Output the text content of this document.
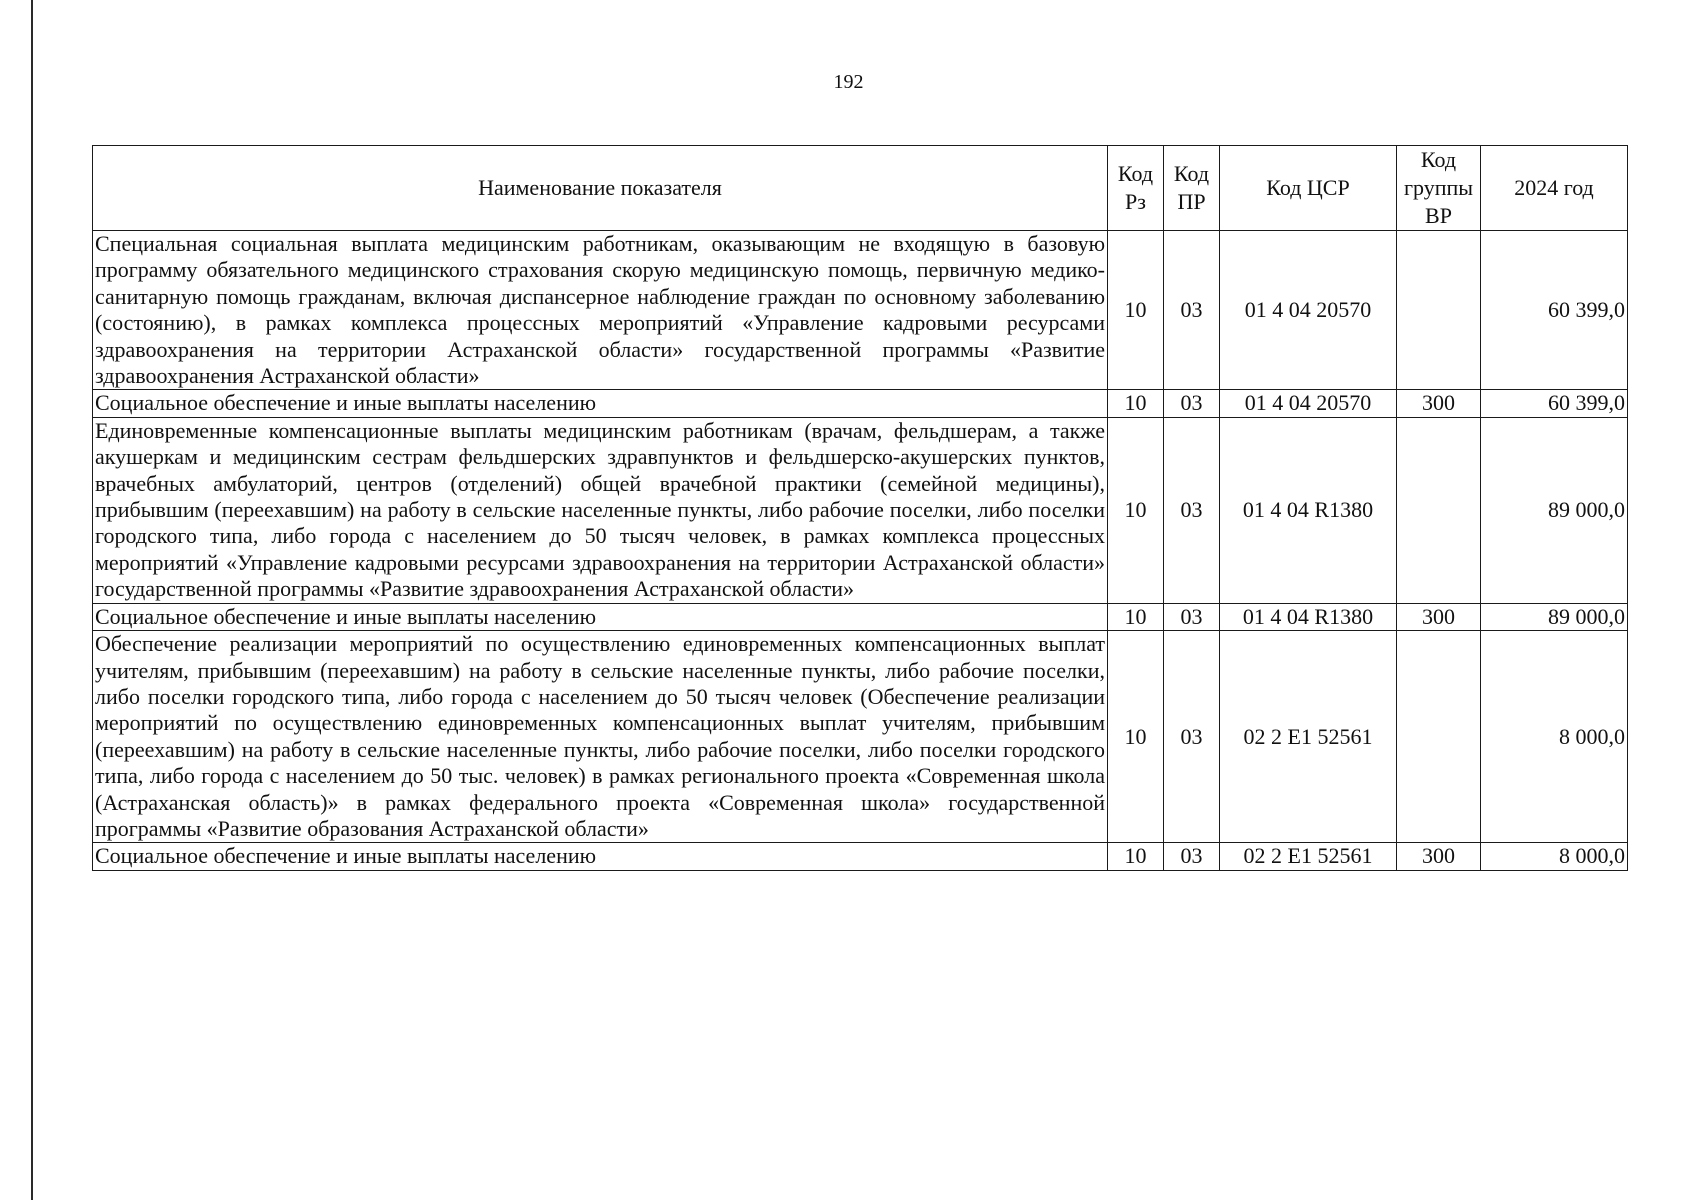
192
Наименование показателя	Код Рз	Код ПР	Код ЦСР	Код группы ВР	2024 год
Специальная социальная выплата медицинским работникам, оказывающим не входящую в базовую программу обязательного медицинского страхования скорую медицинскую помощь, первичную медико-санитарную помощь гражданам, включая диспансерное наблюдение граждан по основному заболеванию (состоянию), в рамках комплекса процессных мероприятий «Управление кадровыми ресурсами здравоохранения на территории Астраханской области» государственной программы «Развитие здравоохранения Астраханской области»	10	03	01 4 04 20570		60 399,0
Социальное обеспечение и иные выплаты населению	10	03	01 4 04 20570	300	60 399,0
Единовременные компенсационные выплаты медицинским работникам (врачам, фельдшерам, а также акушеркам и медицинским сестрам фельдшерских здравпунктов и фельдшерско-акушерских пунктов, врачебных амбулаторий, центров (отделений) общей врачебной практики (семейной медицины), прибывшим (переехавшим) на работу в сельские населенные пункты, либо рабочие поселки, либо поселки городского типа, либо города с населением до 50 тысяч человек, в рамках комплекса процессных мероприятий «Управление кадровыми ресурсами здравоохранения на территории Астраханской области» государственной программы «Развитие здравоохранения Астраханской области»	10	03	01 4 04 R1380		89 000,0
Социальное обеспечение и иные выплаты населению	10	03	01 4 04 R1380	300	89 000,0
Обеспечение реализации мероприятий по осуществлению единовременных компенсационных выплат учителям, прибывшим (переехавшим) на работу в сельские населенные пункты, либо рабочие поселки, либо поселки городского типа, либо города с населением до 50 тысяч человек (Обеспечение реализации мероприятий по осуществлению единовременных компенсационных выплат учителям, прибывшим (переехавшим) на работу в сельские населенные пункты, либо рабочие поселки, либо поселки городского типа, либо города с населением до 50 тыс. человек) в рамках регионального проекта «Современная школа (Астраханская область)» в рамках федерального проекта «Современная школа» государственной программы «Развитие образования Астраханской области»	10	03	02 2 E1 52561		8 000,0
Социальное обеспечение и иные выплаты населению	10	03	02 2 E1 52561	300	8 000,0
